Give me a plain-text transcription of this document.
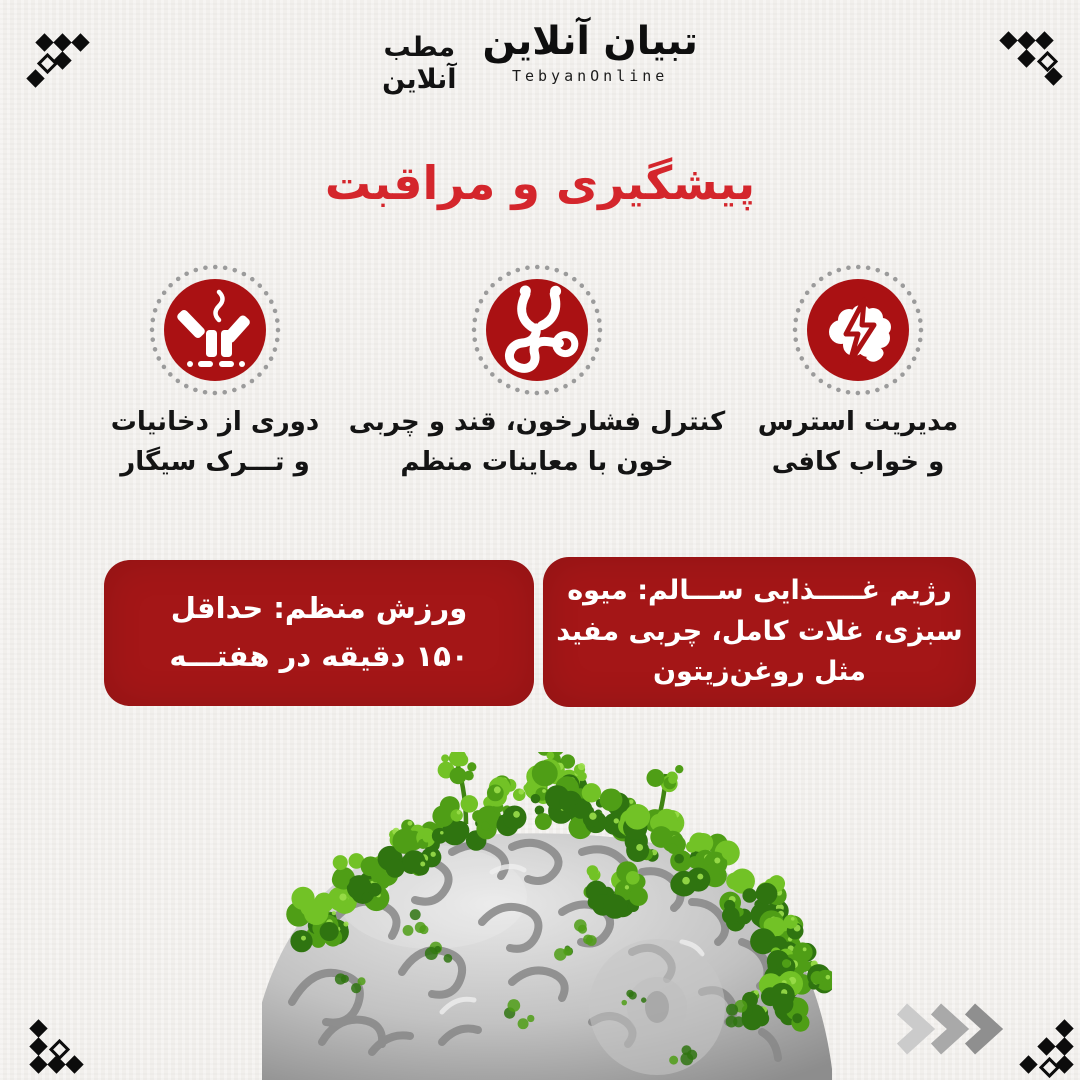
مطب
آنلاین
تبیان آنلاین
TebyanOnline
پیشگیری و مراقبت
مدیریت استرس
و خواب کافی
کنترل فشارخون، قند و چربی
خون با معاینات منظم
دوری از دخانیات
و تـــرک سیگار
رژیم غـــــذایی ســـالم: میوه
سبزی، غلات کامل، چربی مفید
مثل روغن‌زیتون
ورزش منظم: حداقل
۱۵۰ دقیقه در هفتـــه
